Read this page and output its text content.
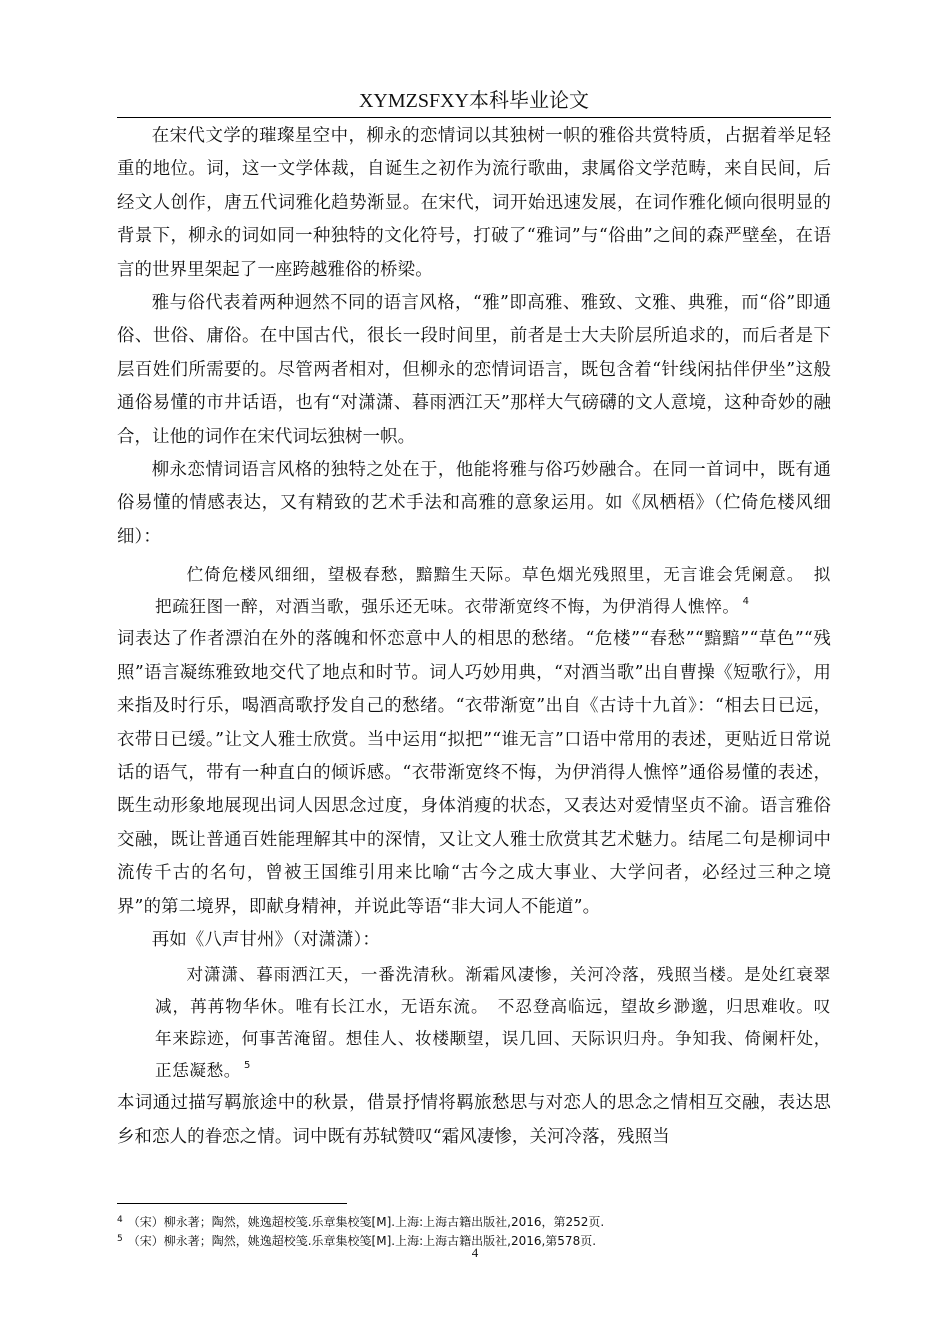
XYMZSFXY本科毕业论文

在宋代文学的璀璨星空中，柳永的恋情词以其独树一帜的雅俗共赏特质，占据着举足轻重的地位。词，这一文学体裁，自诞生之初作为流行歌曲，隶属俗文学范畴，来自民间，后经文人创作，唐五代词雅化趋势渐显。在宋代，词开始迅速发展，在词作雅化倾向很明显的背景下，柳永的词如同一种独特的文化符号，打破了“雅词”与“俗曲”之间的森严壁垒，在语言的世界里架起了一座跨越雅俗的桥梁。

雅与俗代表着两种迥然不同的语言风格，“雅”即高雅、雅致、文雅、典雅，而“俗”即通俗、世俗、庸俗。在中国古代，很长一段时间里，前者是士大夫阶层所追求的，而后者是下层百姓们所需要的。尽管两者相对，但柳永的恋情词语言，既包含着“针线闲拈伴伊坐”这般通俗易懂的市井话语，也有“对潇潇、暮雨洒江天”那样大气磅礴的文人意境，这种奇妙的融合，让他的词作在宋代词坛独树一帜。

柳永恋情词语言风格的独特之处在于，他能将雅与俗巧妙融合。在同一首词中，既有通俗易懂的情感表达，又有精致的艺术手法和高雅的意象运用。如《凤栖梧》（伫倚危楼风细细）：

伫倚危楼风细细，望极春愁，黯黯生天际。草色烟光残照里，无言谁会凭阑意。　拟把疏狂图一醉，对酒当歌，强乐还无味。衣带渐宽终不悔，为伊消得人憔悴。 $^4$

词表达了作者漂泊在外的落魄和怀恋意中人的相思的愁绪。“危楼”“春愁”“黯黯”“草色”“残照”语言凝练雅致地交代了地点和时节。词人巧妙用典，“对酒当歌”出自曹操《短歌行》，用来指及时行乐，喝酒高歌抒发自己的愁绪。“衣带渐宽”出自《古诗十九首》：“相去日已远，衣带日已缓。”让文人雅士欣赏。当中运用“拟把”“谁无言”口语中常用的表述，更贴近日常说话的语气，带有一种直白的倾诉感。“衣带渐宽终不悔，为伊消得人憔悴”通俗易懂的表述，既生动形象地展现出词人因思念过度，身体消瘦的状态，又表达对爱情坚贞不渝。语言雅俗交融，既让普通百姓能理解其中的深情，又让文人雅士欣赏其艺术魅力。结尾二句是柳词中流传千古的名句，曾被王国维引用来比喻“古今之成大事业、大学问者，必经过三种之境界”的第二境界，即献身精神，并说此等语“非大词人不能道”。

再如《八声甘州》（对潇潇）：

对潇潇、暮雨洒江天，一番洗清秋。渐霜风凄惨，关河冷落，残照当楼。是处红衰翠减，苒苒物华休。唯有长江水，无语东流。　不忍登高临远，望故乡渺邈，归思难收。叹年来踪迹，何事苦淹留。想佳人、妆楼颙望，误几回、天际识归舟。争知我、倚阑杆处，正恁凝愁。 $^5$

本词通过描写羁旅途中的秋景，借景抒情将羁旅愁思与对恋人的思念之情相互交融，表达思乡和恋人的眷恋之情。词中既有苏轼赞叹“霜风凄惨，关河冷落，残照当

$^4$ （宋）柳永著；陶然，姚逸超校笺.乐章集校笺[M].上海:上海古籍出版社,2016，第252页.

$^5$ （宋）柳永著；陶然，姚逸超校笺.乐章集校笺[M].上海:上海古籍出版社,2016,第578页.

4
